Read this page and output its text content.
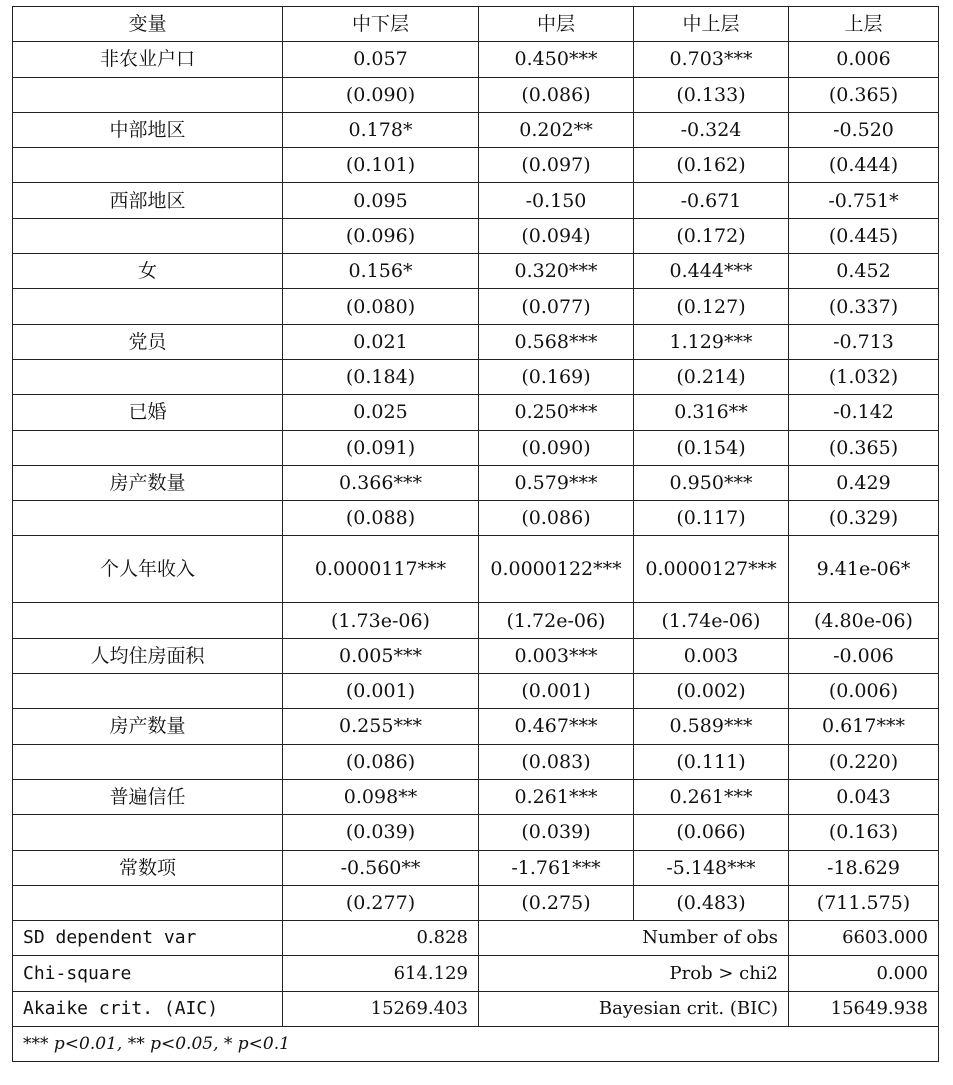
变量	中下层	中层	中上层	上层
非农业户口	0.057	0.450***	0.703***	0.006
	(0.090)	(0.086)	(0.133)	(0.365)
中部地区	0.178*	0.202**	-0.324	-0.520
	(0.101)	(0.097)	(0.162)	(0.444)
西部地区	0.095	-0.150	-0.671	-0.751*
	(0.096)	(0.094)	(0.172)	(0.445)
女	0.156*	0.320***	0.444***	0.452
	(0.080)	(0.077)	(0.127)	(0.337)
党员	0.021	0.568***	1.129***	-0.713
	(0.184)	(0.169)	(0.214)	(1.032)
已婚	0.025	0.250***	0.316**	-0.142
	(0.091)	(0.090)	(0.154)	(0.365)
房产数量	0.366***	0.579***	0.950***	0.429
	(0.088)	(0.086)	(0.117)	(0.329)
个人年收入	0.0000117***	0.0000122***	0.0000127***	9.41e-06*
	(1.73e-06)	(1.72e-06)	(1.74e-06)	(4.80e-06)
人均住房面积	0.005***	0.003***	0.003	-0.006
	(0.001)	(0.001)	(0.002)	(0.006)
房产数量	0.255***	0.467***	0.589***	0.617***
	(0.086)	(0.083)	(0.111)	(0.220)
普遍信任	0.098**	0.261***	0.261***	0.043
	(0.039)	(0.039)	(0.066)	(0.163)
常数项	-0.560**	-1.761***	-5.148***	-18.629
	(0.277)	(0.275)	(0.483)	(711.575)
SD dependent var	0.828	Number of obs		6603.000
Chi-square	614.129	Prob > chi2		0.000
Akaike crit. (AIC)	15269.403	Bayesian crit. (BIC)		15649.938
*** p<0.01, ** p<0.05, * p<0.1				
